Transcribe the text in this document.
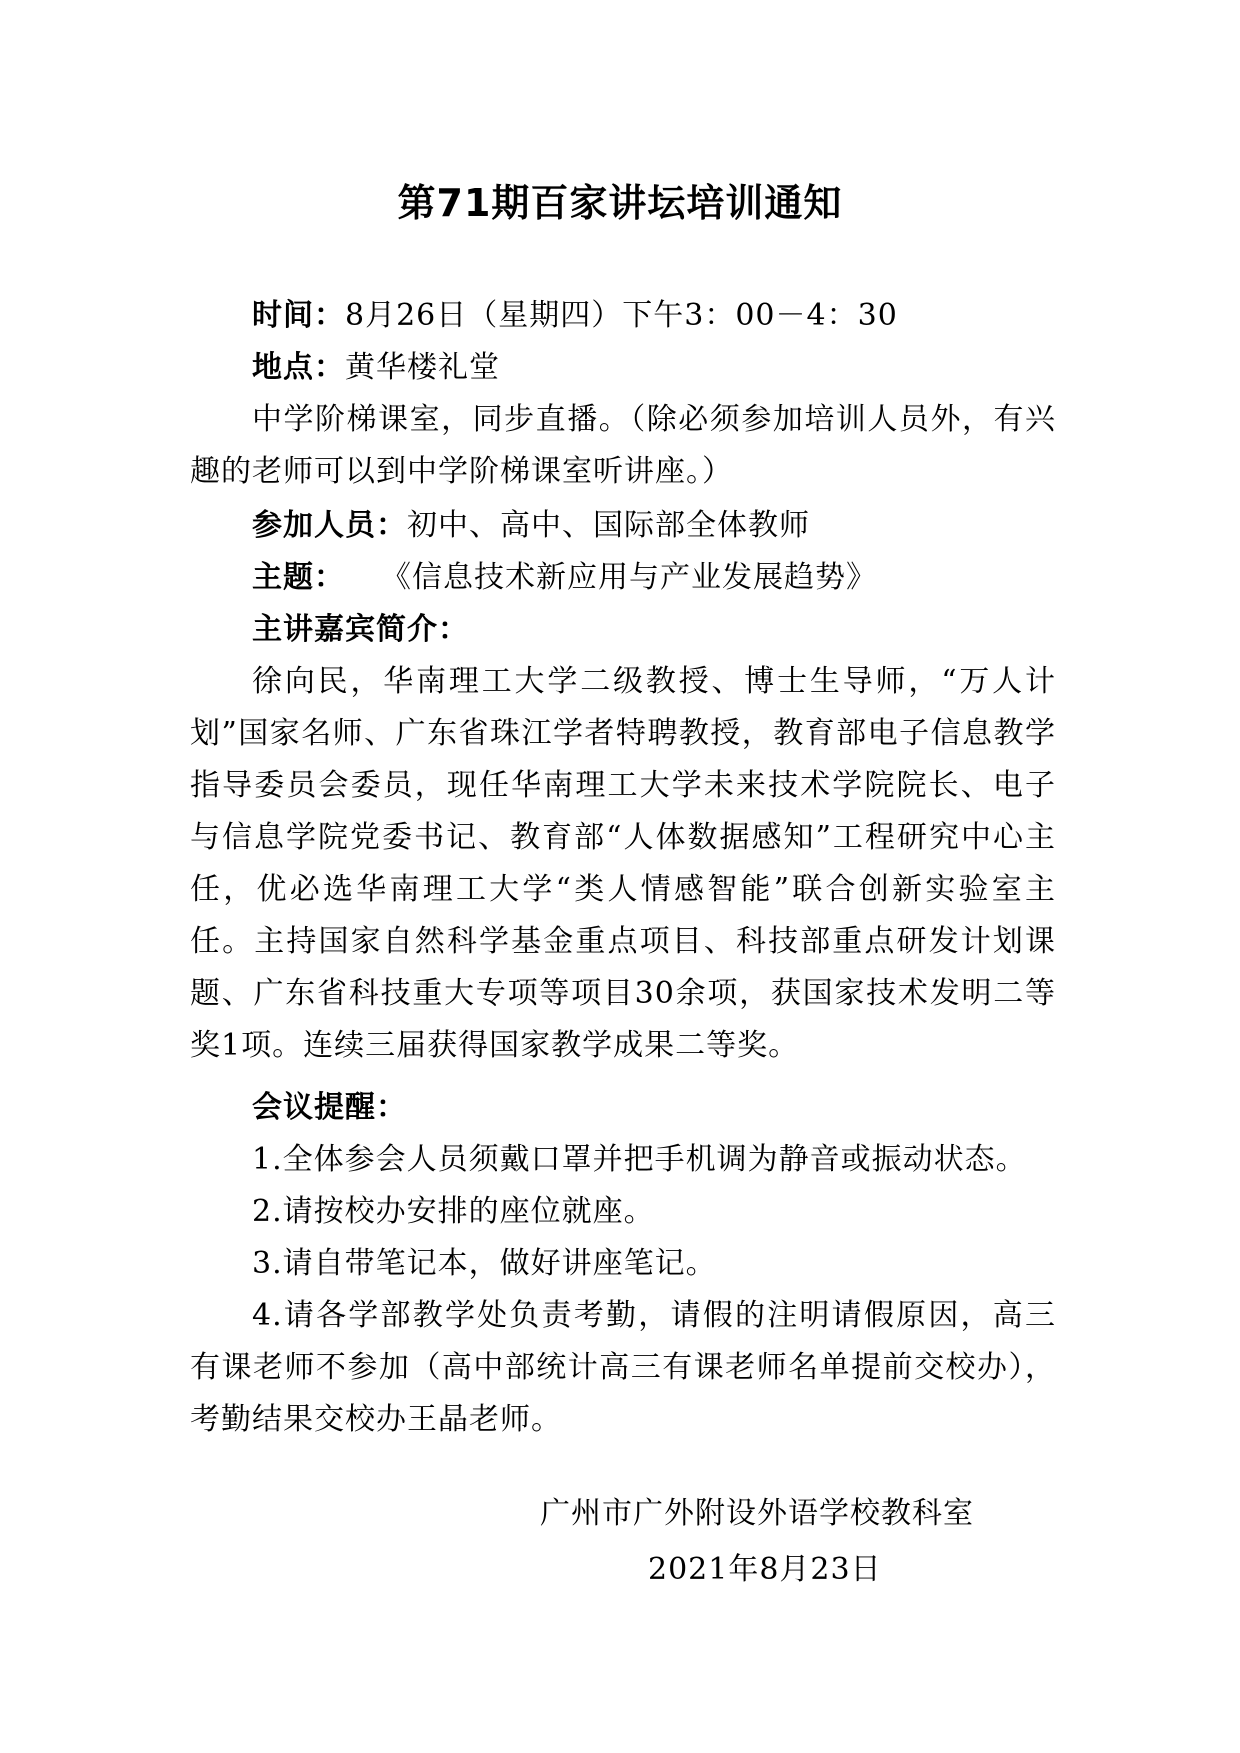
第71期百家讲坛培训通知
时间：8月26日（星期四）下午3：00－4：30
地点：黄华楼礼堂
中学阶梯课室，同步直播。（除必须参加培训人员外，有兴趣的老师可以到中学阶梯课室听讲座。）
参加人员：初中、高中、国际部全体教师
主题： 《信息技术新应用与产业发展趋势》
主讲嘉宾简介：
徐向民，华南理工大学二级教授、博士生导师，“万人计划”国家名师、广东省珠江学者特聘教授，教育部电子信息教学指导委员会委员，现任华南理工大学未来技术学院院长、电子与信息学院党委书记、教育部“人体数据感知”工程研究中心主任，优必选华南理工大学“类人情感智能”联合创新实验室主任。主持国家自然科学基金重点项目、科技部重点研发计划课题、广东省科技重大专项等项目30余项，获国家技术发明二等奖1项。连续三届获得国家教学成果二等奖。
会议提醒：
1.全体参会人员须戴口罩并把手机调为静音或振动状态。
2.请按校办安排的座位就座。
3.请自带笔记本，做好讲座笔记。
4.请各学部教学处负责考勤，请假的注明请假原因，高三有课老师不参加（高中部统计高三有课老师名单提前交校办），考勤结果交校办王晶老师。
广州市广外附设外语学校教科室
2021年8月23日
